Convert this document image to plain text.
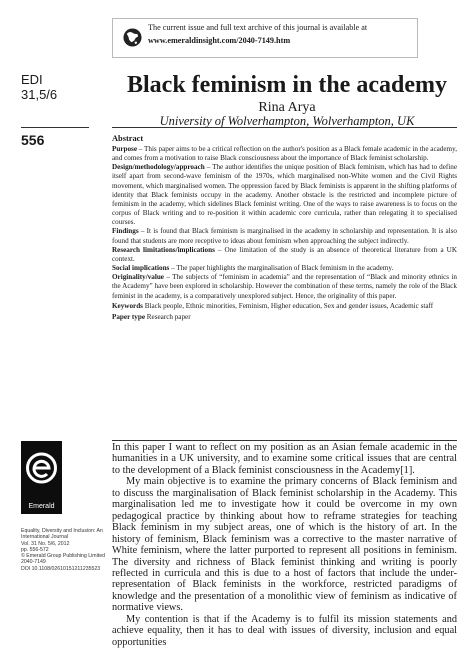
The current issue and full text archive of this journal is available at
www.emeraldinsight.com/2040-7149.htm
EDI
31,5/6	Black feminism in the academy
Rina Arya
University of Wolverhampton, Wolverhampton, UK
556	Abstract

Purpose – This paper aims to be a critical reflection on the author's position as a Black female academic in the academy, and comes from a motivation to raise Black consciousness about the importance of Black feminist scholarship.

Design/methodology/approach – The author identifies the unique position of Black feminism, which has had to define itself apart from second-wave feminism of the 1970s, which marginalised non-White women and the Civil Rights movement, which marginalised women. The oppression faced by Black feminists is apparent in the shifting platforms of identity that Black feminists occupy in the academy. Another obstacle is the restricted and incomplete picture of feminism in the academy, which sidelines Black feminist writing. One of the ways to raise awareness is to focus on the corpus of Black writing and to re-position it within academic core curricula, rather than relegating it to specialised courses.

Findings – It is found that Black feminism is marginalised in the academy in scholarship and representation. It is also found that students are more receptive to ideas about feminism when approaching the subject indirectly.

Research limitations/implications – One limitation of the study is an absence of theoretical literature from a UK context.

Social implications – The paper highlights the marginalisation of Black feminism in the academy.

Originality/value – The subjects of “feminism in academia” and the representation of “Black and minority ethnics in the Academy” have been explored in scholarship. However the combination of these terms, namely the role of the Black feminist in the academy, is a comparatively unexplored subject. Hence, the originality of this paper.

Keywords Black people, Ethnic minorities, Feminism, Higher education, Sex and gender issues, Academic staff

Paper type Research paper

In this paper I want to reflect on my position as an Asian female academic in the humanities in a UK university, and to examine some critical issues that are central to the development of a Black feminist consciousness in the Academy[1].

My main objective is to examine the primary concerns of Black feminism and to discuss the marginalisation of Black feminist scholarship in the Academy. This marginalisation led me to investigate how it could be overcome in my own pedagogical practice by thinking about how to reframe strategies for teaching Black feminism in my subject areas, one of which is the history of art. In the history of feminism, Black feminism was a corrective to the master narrative of White feminism, where the latter purported to represent all positions in feminism. The diversity and richness of Black feminist thinking and writing is poorly reflected in curricula and this is due to a host of factors that include the under-representation of Black feminists in the workforce, restricted paradigms of knowledge and the presentation of a monolithic view of feminism as indicative of normative views.

My contention is that if the Academy is to fulfil its mission statements and achieve equality, then it has to deal with issues of diversity, inclusion and equal opportunities

Emerald
Equality, Diversity and Inclusion: An
International Journal
Vol. 31 No. 5/6, 2012
pp. 556-572
© Emerald Group Publishing Limited
2040-7149
DOI 10.1108/02610151211235523
